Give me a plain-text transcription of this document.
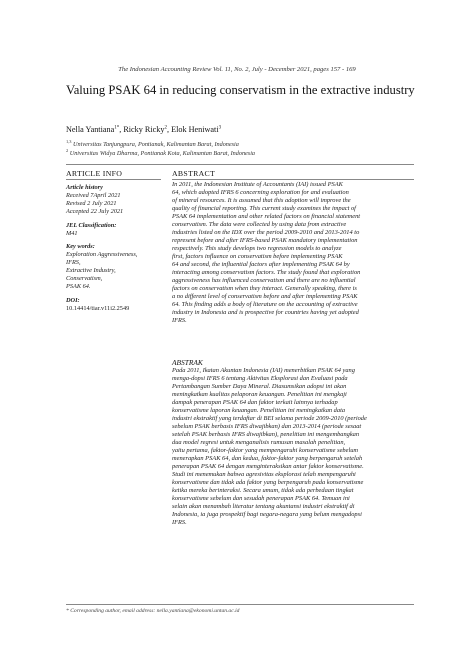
The Indonesian Accounting Review Vol. 11, No. 2, July - December 2021, pages 157 - 169
Valuing PSAK 64 in reducing conservatism in the extractive industry
Nella Yantiana$^{1*}$, Ricky Ricky$^2$, Elok Heniwati$^3$
$^{1,3}$ Universitas Tanjungpura, Pontianak, Kalimantan Barat, Indonesia
$^2$ Universitas Widya Dharma, Pontianak Kota, Kalimantan Barat, Indonesia
ARTICLE INFO
Article history
Received 7April 2021
Revised 2 July 2021
Accepted 22 July 2021
JEL Classification:
M41
Key words:
Exploration Aggressiveness,
IFRS,
Extractive Industry,
Conservatism,
PSAK 64.
DOI:
10.14414/tiar.v11i2.2549
ABSTRACT
In 2011, the Indonesian Institute of Accountants (IAI) issued PSAK
64, which adopted IFRS 6 concerning exploration for and evaluation
of mineral resources. It is assumed that this adoption will improve the
quality of financial reporting. This current study examines the impact of
PSAK 64 implementation and other related factors on financial statement
conservatism. The data were collected by using data from extractive
industries listed on the IDX over the period 2009-2010 and 2013-2014 to
represent before and after IFRS-based PSAK mandatory implementation
respectively. This study develops two regression models to analyze
first, factors influence on conservatism before implementing PSAK
64 and second, the influential factors after implementing PSAK 64 by
interacting among conservatism factors. The study found that exploration
aggressiveness has influenced conservatism and there are no influential
factors on conservatism when they interact. Generally speaking, there is
a no different level of conservatism before and after implementing PSAK
64. This finding adds a body of literature on the accounting of extractive
industry in Indonesia and is prospective for countries having yet adopted
IFRS.
ABSTRAK
Pada 2011, Ikatan Akuntan Indonesia (IAI) menerbitkan PSAK 64 yang
menga-dopsi IFRS 6 tentang Aktivitas Eksplorasi dan Evaluasi pada
Pertambangan Sumber Daya Mineral. Diasumsikan adopsi ini akan
meningkatkan kualitas pelaporan keuangan. Penelitian ini mengkaji
dampak penerapan PSAK 64 dan faktor terkait lainnya terhadap
konservatisme laporan keuangan. Penelitian ini meningkatkan data
industri ekstraktif yang terdaftar di BEI selama periode 2009-2010 (periode
sebelum PSAK berbasis IFRS diwajibkan) dan 2013-2014 (periode sesaat
setelah PSAK berbasis IFRS diwajibkan), penelitian ini mengembangkan
dua model regresi untuk menganalisis rumusan masalah penelitian,
yaitu pertama, faktor-faktor yang mempengaruhi konservatisme sebelum
menerapkan PSAK 64, dan kedua, faktor-faktor yang berpengaruh setelah
penerapan PSAK 64 dengan menginteraksikan antar faktor konservatisme.
Studi ini menemukan bahwa agresivitas eksplorasi telah mempengaruhi
konservatisme dan tidak ada faktor yang berpengaruh pada konservatisme
ketika mereka berinteraksi. Secara umum, tidak ada perbedaan tingkat
konservatisme sebelum dan sesudah penerapan PSAK 64. Temuan ini
selain akan menambah literatur tentang akuntansi industri ekstraktif di
Indonesia, ia juga prospektif bagi negara-negara yang belum mengadopsi
IFRS.
* Corresponding author, email address: nella.yantiana@ekonomi.untan.ac.id
